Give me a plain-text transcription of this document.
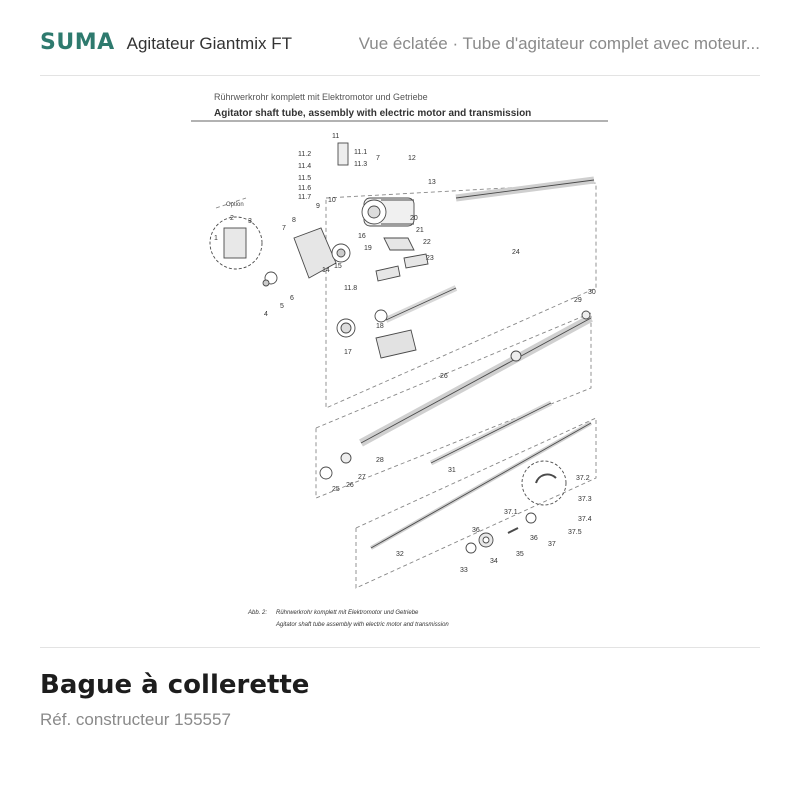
SUMA Agitateur Giantmix FT	Vue éclatée · Tube d'agitateur complet avec moteur...
Rührwerkrohr komplett mit Elektromotor und Getriebe
Agitator shaft tube, assembly with electric motor and transmission
Option
11
11.1
11.2
11.3
11.4
11.5
11.6
11.7
7	12
13
9
10
8
16
20
21
22
19
23
24
7
15
14
2 3
1
6
5
4
11.8
18
17
29
30
26
28
25
26
27
31
37.2
37.3
37.4
37.1
37.5
36
36
37
35
34
33
32
Abb. 2: Rührwerkrohr komplett mit Elektromotor und Getriebe
Agitator shaft tube assembly with electric motor and transmission
Bague à collerette
Réf. constructeur 155557
